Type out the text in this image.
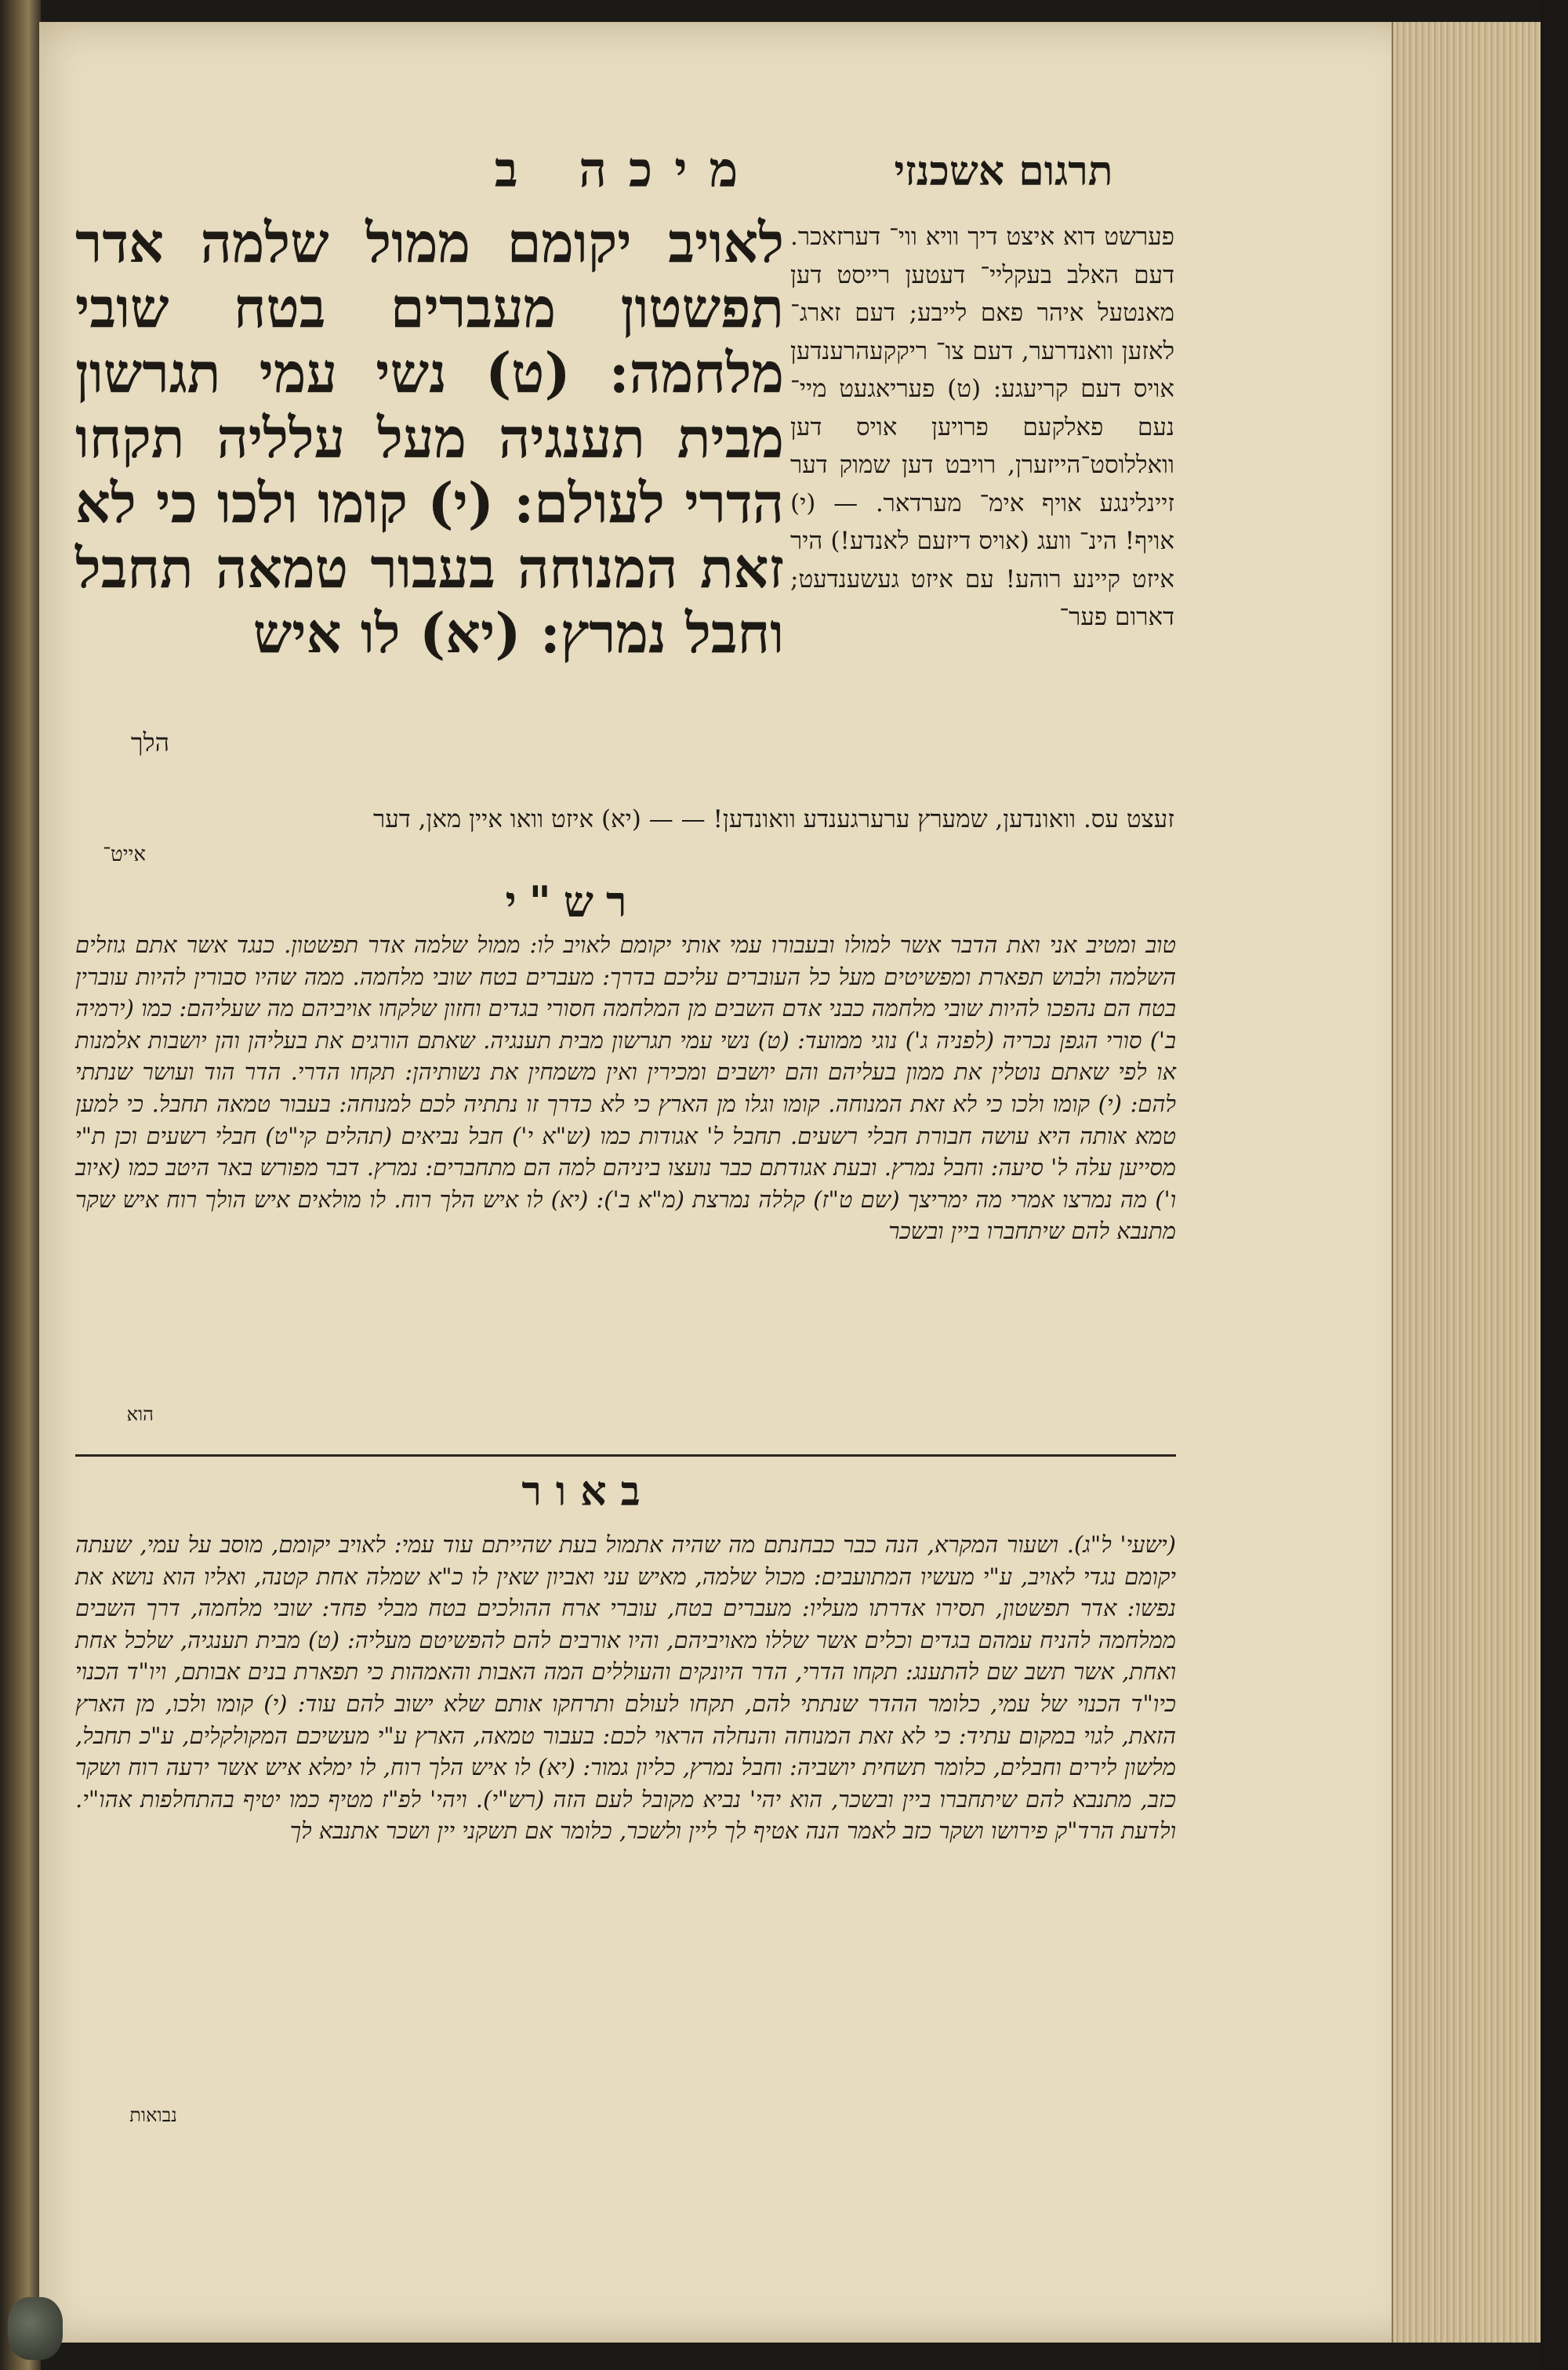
מיכה ב	תרגום אשכנזי
לאויב יקומם ממול שלמה אדר תפשטון מעברים בטח שובי מלחמה: (ט) נשי עמי תגרשון מבית תענגיה מעל עלליה תקחו הדרי לעולם: (י) קומו ולכו כי לא זאת המנוחה בעבור טמאה תחבל וחבל נמרץ: (יא) לו איש
הלך
פערשט דוא איצט דיך וויא ווי־ דערזאכר. דעם האלב בעקליי־ דעטען רייסט דען מאנטעל איהר פאם לייבע; דעם זארג־ לאזען וואנדרער, דעם צו־ ריקקעהרענדען אויס דעם קריעגע: (ט) פעריאגעט מיי־ נעם פאלקעם פרויען אויס דען וואללוסט־הייזערן, רויבט דען שמוק דער זיינלינגע אויף אימ־ מערדאר. — (י) אויף! הינ־ וועג (אויס דיזעם לאנדע!) היר איזט קיינע רוהע! עם איזט געשענדעט; דארום פער־
זעצט עס. וואונדען, שמערץ ערערגענדע וואונדען! — — (יא) איזט וואו איין מאן, דער
אייט־
רש"י
טוב ומטיב אני ואת הדבר אשר למולו ובעבורו עמי אותי יקומם לאויב לו: ממול שלמה אדר תפשטון. כנגד אשר אתם גוזלים השלמה ולבוש תפארת ומפשיטים מעל כל העוברים עליכם בדרך: מעברים בטח שובי מלחמה. ממה שהיו סבורין להיות עוברין בטח הם נהפכו להיות שובי מלחמה כבני אדם השבים מן המלחמה חסורי בגדים וחזון שלקחו אויביהם מה שעליהם: כמו (ירמיה ב') סורי הגפן נכריה (לפניה ג') נוגי ממועד: (ט) נשי עמי תגרשון מבית תענגיה. שאתם הורגים את בעליהן והן יושבות אלמנות או לפי שאתם נוטלין את ממון בעליהם והם יושבים ומכירין ואין משמחין את נשותיהן: תקחו הדרי. הדר הוד ועושר שנתתי להם: (י) קומו ולכו כי לא זאת המנוחה. קומו וגלו מן הארץ כי לא כדרך זו נתתיה לכם למנוחה: בעבור טמאה תחבל. כי למען טמא אותה היא עושה חבורת חבלי רשעים. תחבל ל' אגודות כמו (ש"א י') חבל נביאים (תהלים קי"ט) חבלי רשעים וכן ת"י מסייען עלה ל' סיעה: וחבל נמרץ. ובעת אגודתם כבר נועצו ביניהם למה הם מתחברים: נמרץ. דבר מפורש באר היטב כמו (איוב ו') מה נמרצו אמרי מה ימריצך (שם ט"ז) קללה נמרצת (מ"א ב'): (יא) לו איש הלך רוח. לו מולאים איש הולך רוח איש שקר מתנבא להם שיתחברו ביין ובשכר
הוא
באור
(ישעי' ל"ג). ושעור המקרא, הנה כבר כבחנתם מה שהיה אתמול בעת שהייתם עוד עמי: לאויב יקומם, מוסב על עמי, שעתה יקומם נגדי לאויב, ע"י מעשיו המתועבים: מכול שלמה, מאיש עני ואביון שאין לו כ"א שמלה אחת קטנה, ואליו הוא נושא את נפשו: אדר תפשטון, תסירו אדרתו מעליו: מעברים בטח, עוברי ארח ההולכים בטח מבלי פחד: שובי מלחמה, דרך השבים ממלחמה להניח עמהם בגדים וכלים אשר שללו מאויביהם, והיו אורבים להם להפשיטם מעליה: (ט) מבית תענגיה, שלכל אחת ואחת, אשר תשב שם להתענג: תקחו הדרי, הדר היונקים והעוללים המה האבות והאמהות כי תפארת בנים אבותם, ויו"ד הכנוי כיו"ד הכנוי של עמי, כלומר ההדר שנתתי להם, תקחו לעולם ותרחקו אותם שלא ישוב להם עוד: (י) קומו ולכו, מן הארץ הזאת, לגוי במקום עתיד: כי לא זאת המנוחה והנחלה הראוי לכם: בעבור טמאה, הארץ ע"י מעשיכם המקולקלים, ע"כ תחבל, מלשון לירים וחבלים, כלומר תשחית יושביה: וחבל נמרץ, כליון גמור: (יא) לו איש הלך רוח, לו ימלא איש אשר ירעה רוח ושקר כזב, מתנבא להם שיתחברו ביין ובשכר, הוא יהי' נביא מקובל לעם הזה (רש"י). ויהי' לפ"ז מטיף כמו יטיף בהתחלפות אהו"י. ולדעת הרד"ק פירושו ושקר כזב לאמר הנה אטיף לך ליין ולשכר, כלומר אם תשקני יין ושכר אתנבא לך
נבואות
